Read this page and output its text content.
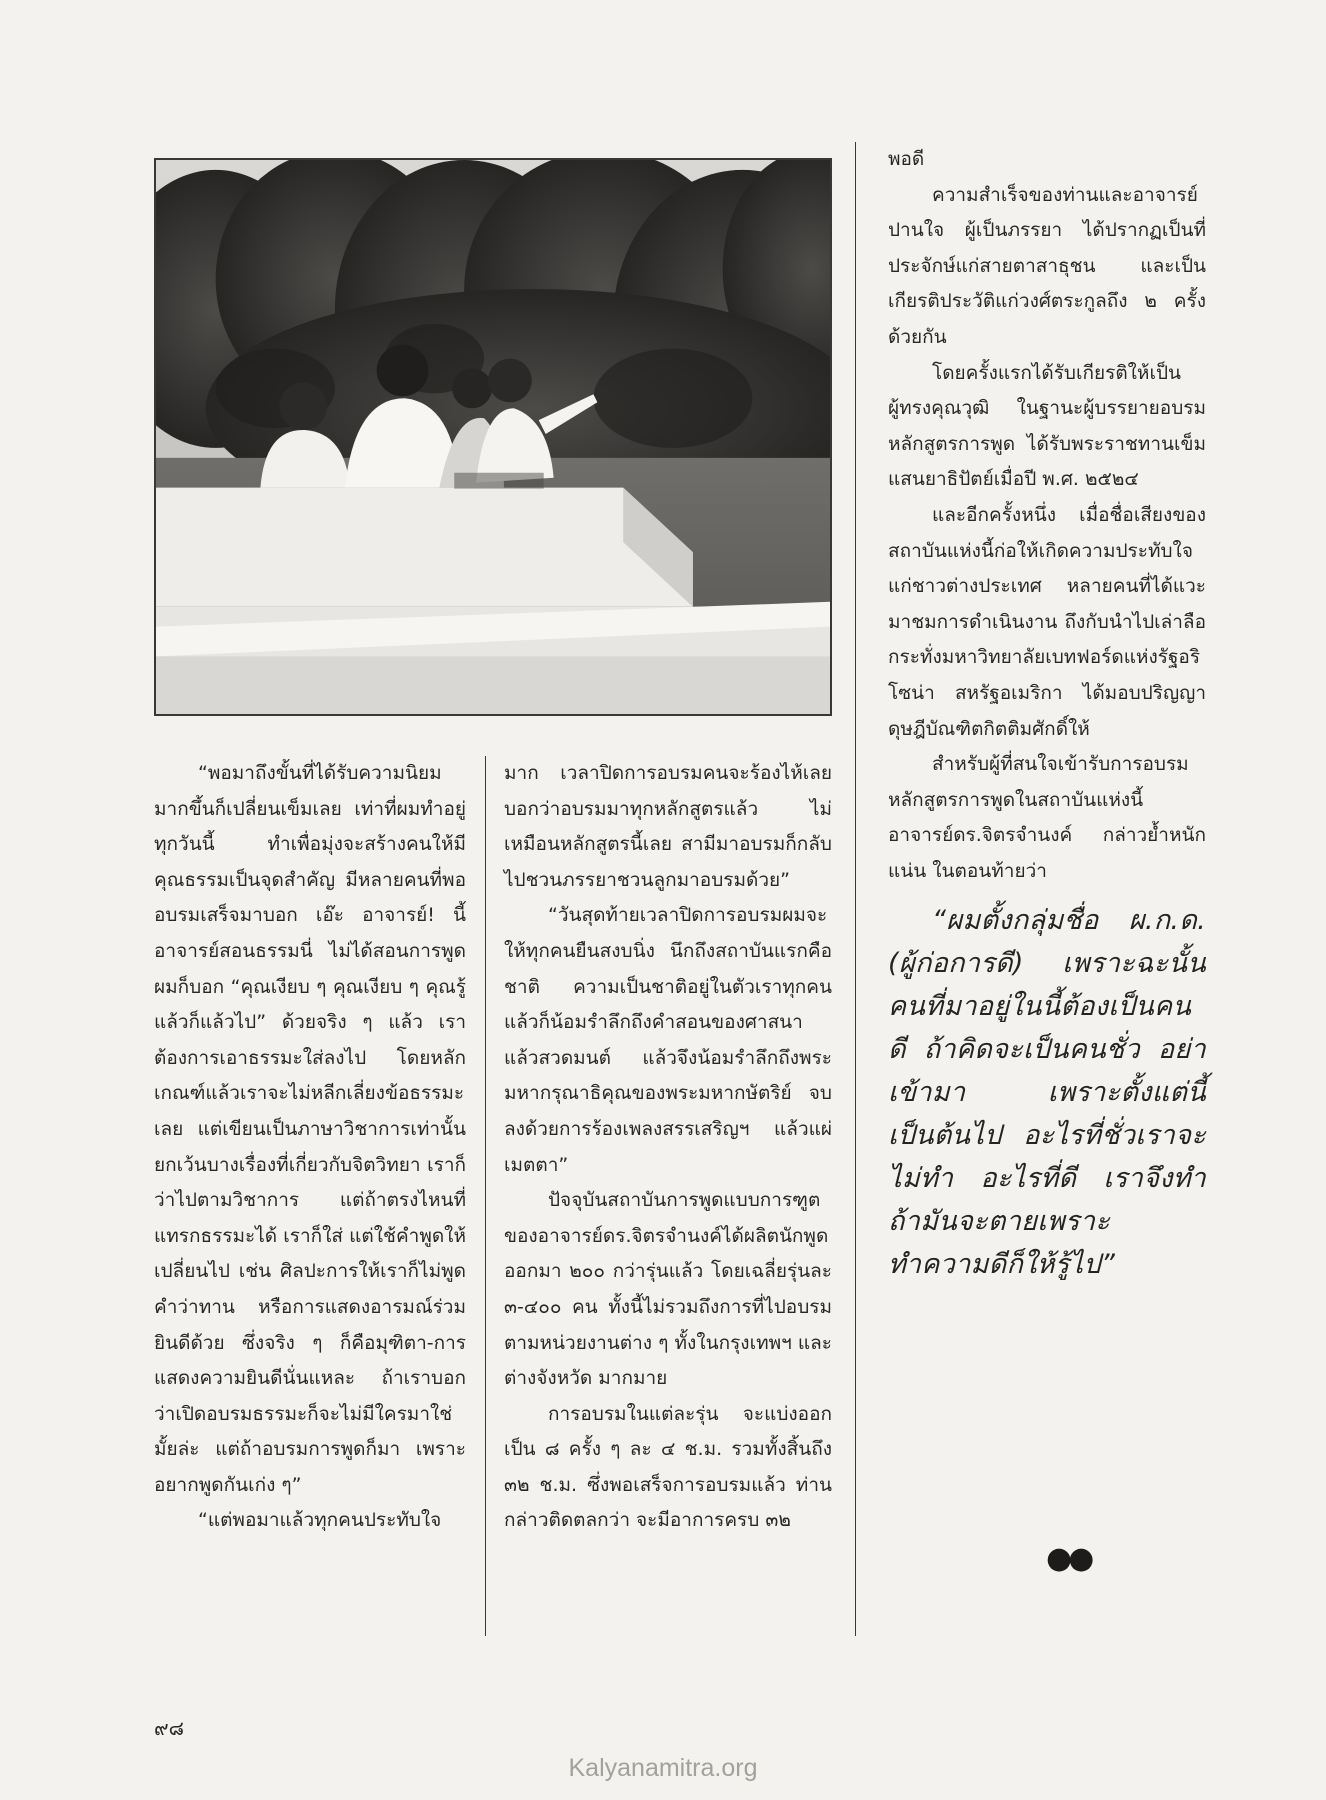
“พอมาถึงขั้นที่ได้รับความนิยมมากขึ้นก็เปลี่ยนเข็มเลย เท่าที่ผมทำอยู่ทุกวันนี้ ทำเพื่อมุ่งจะสร้างคนให้มีคุณธรรมเป็นจุดสำคัญ มีหลายคนที่พออบรมเสร็จมาบอก เอ๊ะ อาจารย์! นี้อาจารย์สอนธรรมนี่ ไม่ได้สอนการพูด ผมก็บอก “คุณเงียบ ๆ คุณเงียบ ๆ คุณรู้แล้วก็แล้วไป” ด้วยจริง ๆ แล้ว เราต้องการเอาธรรมะใส่ลงไป โดยหลักเกณฑ์แล้วเราจะไม่หลีกเลี่ยงข้อธรรมะเลย แต่เขียนเป็นภาษาวิชาการเท่านั้น ยกเว้นบางเรื่องที่เกี่ยวกับจิตวิทยา เราก็ว่าไปตามวิชาการ แต่ถ้าตรงไหนที่แทรกธรรมะได้ เราก็ใส่ แต่ใช้คำพูดให้เปลี่ยนไป เช่น ศิลปะการให้เราก็ไม่พูดคำว่าทาน หรือการแสดงอารมณ์ร่วมยินดีด้วย ซึ่งจริง ๆ ก็คือมุฑิตา-การแสดงความยินดีนั่นแหละ ถ้าเราบอกว่าเปิดอบรมธรรมะก็จะไม่มีใครมาใช่มั้ยล่ะ แต่ถ้าอบรมการพูดก็มา เพราะอยากพูดกันเก่ง ๆ”

“แต่พอมาแล้วทุกคนประทับใจ

มาก เวลาปิดการอบรมคนจะร้องไห้เลย บอกว่าอบรมมาทุกหลักสูตรแล้ว ไม่เหมือนหลักสูตรนี้เลย สามีมาอบรมก็กลับไปชวนภรรยาชวนลูกมาอบรมด้วย”

“วันสุดท้ายเวลาปิดการอบรมผมจะให้ทุกคนยืนสงบนิ่ง นึกถึงสถาบันแรกคือชาติ ความเป็นชาติอยู่ในตัวเราทุกคน แล้วก็น้อมรำลึกถึงคำสอนของศาสนา แล้วสวดมนต์ แล้วจึงน้อมรำลึกถึงพระมหากรุณาธิคุณของพระมหากษัตริย์ จบลงด้วยการร้องเพลงสรรเสริญฯ แล้วแผ่เมตตา”

ปัจจุบันสถาบันการพูดแบบการฑูตของอาจารย์ดร.จิตรจำนงค์ได้ผลิตนักพูดออกมา ๒๐๐ กว่ารุ่นแล้ว โดยเฉลี่ยรุ่นละ ๓-๔๐๐ คน ทั้งนี้ไม่รวมถึงการที่ไปอบรมตามหน่วยงานต่าง ๆ ทั้งในกรุงเทพฯ และต่างจังหวัด มากมาย

การอบรมในแต่ละรุ่น จะแบ่งออกเป็น ๘ ครั้ง ๆ ละ ๔ ช.ม. รวมทั้งสิ้นถึง ๓๒ ช.ม. ซึ่งพอเสร็จการอบรมแล้ว ท่านกล่าวติดตลกว่า จะมีอาการครบ ๓๒

พอดี

ความสำเร็จของท่านและอาจารย์ปานใจ ผู้เป็นภรรยา ได้ปรากฏเป็นที่ประจักษ์แก่สายตาสาธุชน และเป็นเกียรติประวัติแก่วงศ์ตระกูลถึง ๒ ครั้งด้วยกัน

โดยครั้งแรกได้รับเกียรติให้เป็นผู้ทรงคุณวุฒิ ในฐานะผู้บรรยายอบรมหลักสูตรการพูด ได้รับพระราชทานเข็มแสนยาธิปัตย์เมื่อปี พ.ศ. ๒๕๒๔

และอีกครั้งหนึ่ง เมื่อชื่อเสียงของสถาบันแห่งนี้ก่อให้เกิดความประทับใจแก่ชาวต่างประเทศ หลายคนที่ได้แวะมาชมการดำเนินงาน ถึงกับนำไปเล่าลือกระทั่งมหาวิทยาลัยเบทฟอร์ดแห่งรัฐอริโซน่า สหรัฐอเมริกา ได้มอบปริญญาดุษฎีบัณฑิตกิตติมศักดิ์ให้

สำหรับผู้ที่สนใจเข้ารับการอบรมหลักสูตรการพูดในสถาบันแห่งนี้อาจารย์ดร.จิตรจำนงค์ กล่าวย้ำหนักแน่น ในตอนท้ายว่า

“ผมตั้งกลุ่มชื่อ ผ.ก.ด. (ผู้ก่อการดี) เพราะฉะนั้นคนที่มาอยู่ในนี้ต้องเป็นคนดี ถ้าคิดจะเป็นคนชั่ว อย่าเข้ามา เพราะตั้งแต่นี้เป็นต้นไป อะไรที่ชั่วเราจะไม่ทำ อะไรที่ดี เราจึงทำ ถ้ามันจะตายเพราะทำความดีก็ให้รู้ไป”

●●
๙๘
Kalyanamitra.org
